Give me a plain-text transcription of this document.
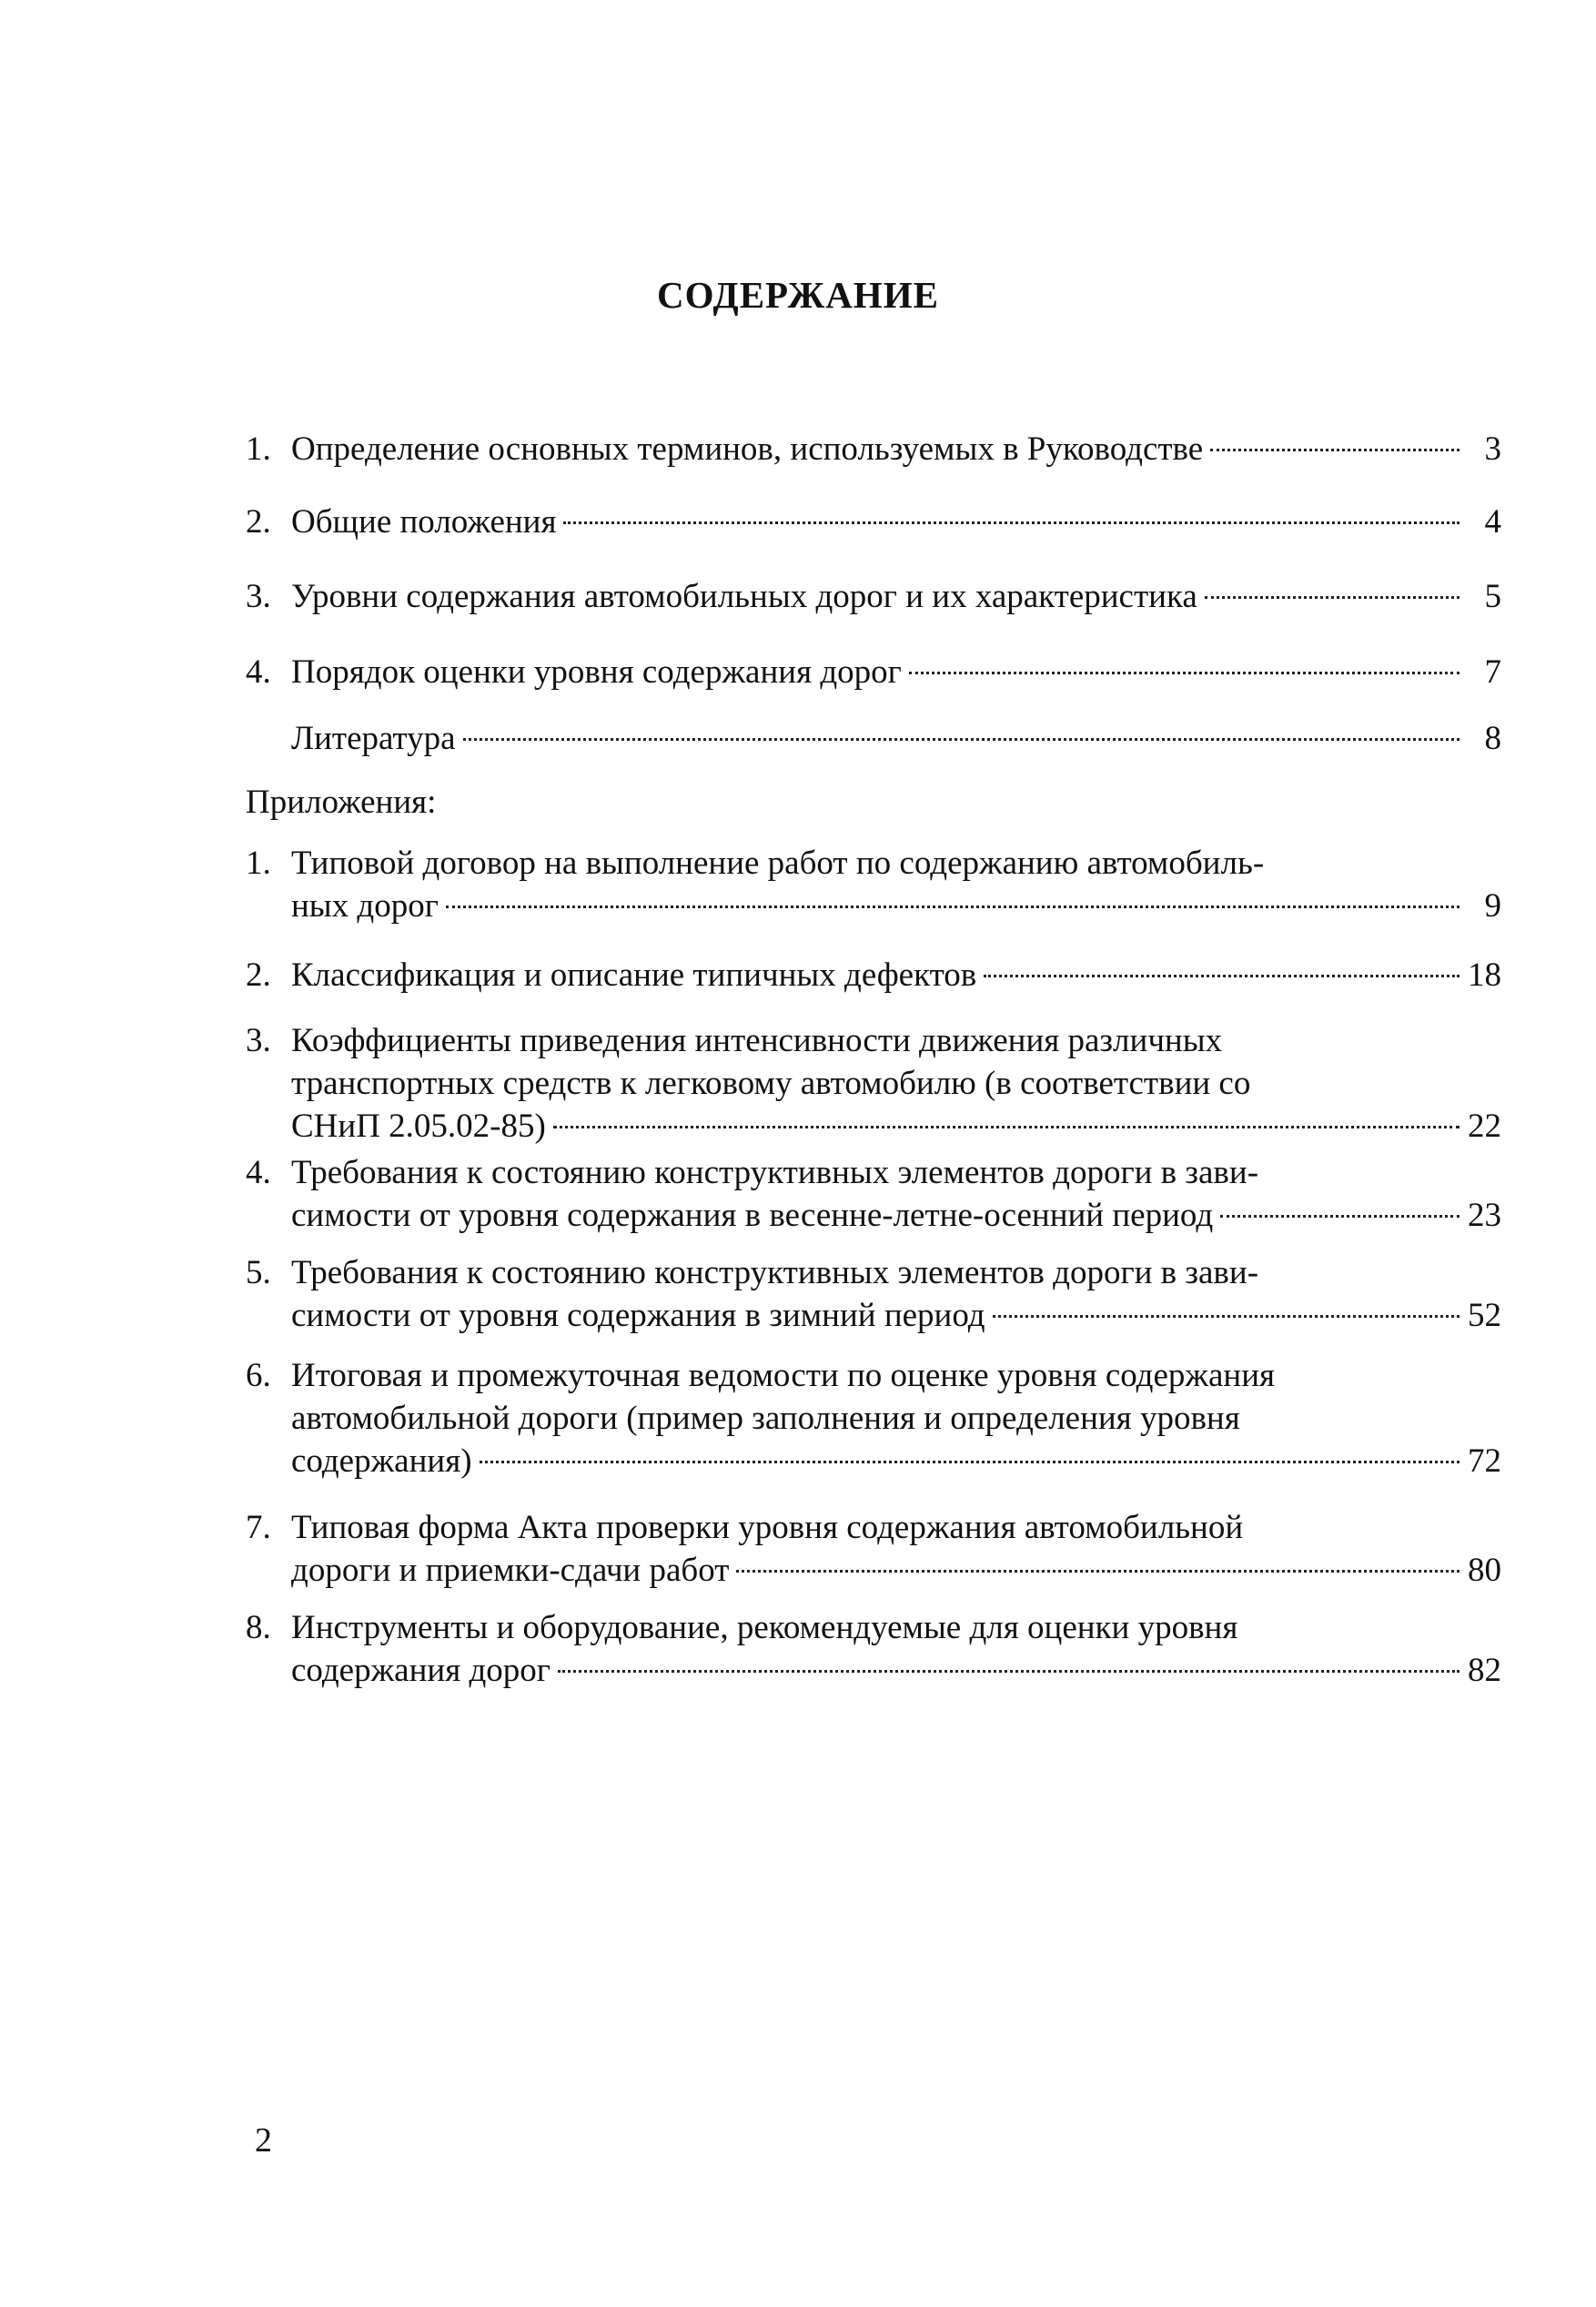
СОДЕРЖАНИЕ
1. Определение основных терминов, используемых в Руководстве	3
2. Общие положения	4
3. Уровни содержания автомобильных дорог и их характеристика	5
4. Порядок оценки уровня содержания дорог	7
Литература	8
Приложения:
1. Типовой договор на выполнение работ по содержанию автомобиль-
ных дорог	9
2. Классификация и описание типичных дефектов	18
3. Коэффициенты приведения интенсивности движения различных
транспортных средств к легковому автомобилю (в соответствии со
СНиП 2.05.02-85)	22
4. Требования к состоянию конструктивных элементов дороги в зави-
симости от уровня содержания в весенне-летне-осенний период	23
5. Требования к состоянию конструктивных элементов дороги в зави-
симости от уровня содержания в зимний период	52
6. Итоговая и промежуточная ведомости по оценке уровня содержания
автомобильной дороги (пример заполнения и определения уровня
содержания)	72
7. Типовая форма Акта проверки уровня содержания автомобильной
дороги и приемки-сдачи работ	80
8. Инструменты и оборудование, рекомендуемые для оценки уровня
содержания дорог	82
2
